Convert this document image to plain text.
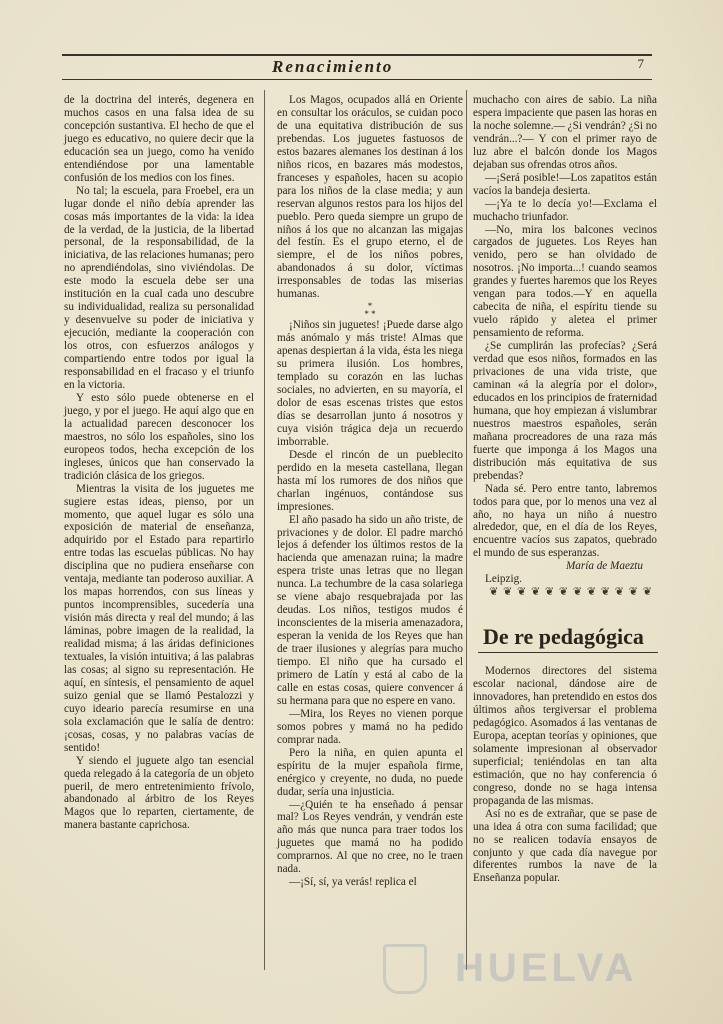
Renacimiento	7

de la doctrina del interés, degenera en muchos casos en una falsa idea de su concepción sustantiva. El hecho de que el juego es educativo, no quiere decir que la educación sea un juego, como ha venido entendiéndose por una lamentable confusión de los medios con los fines.

No tal; la escuela, para Froebel, era un lugar donde el niño debía aprender las cosas más importantes de la vida: la idea de la verdad, de la justicia, de la libertad personal, de la responsabilidad, de la iniciativa, de las relaciones humanas; pero no aprendiéndolas, sino viviéndolas. De este modo la escuela debe ser una institución en la cual cada uno descubre su individualidad, realiza su personalidad y desenvuelve su poder de iniciativa y ejecución, mediante la cooperación con los otros, con esfuerzos análogos y compartiendo entre todos por igual la responsabilidad en el fracaso y el triunfo en la victoria.

Y esto sólo puede obtenerse en el juego, y por el juego. He aquí algo que en la actualidad parecen desconocer los maestros, no sólo los españoles, sino los europeos todos, hecha excepción de los ingleses, únicos que han conservado la tradición clásica de los griegos.

Mientras la visita de los juguetes me sugiere estas ideas, pienso, por un momento, que aquel lugar es sólo una exposición de material de enseñanza, adquirido por el Estado para repartirlo entre todas las escuelas públicas. No hay disciplina que no pudiera enseñarse con ventaja, mediante tan poderoso auxiliar. A los mapas horrendos, con sus líneas y puntos incomprensibles, sucedería una visión más directa y real del mundo; á las láminas, pobre imagen de la realidad, la realidad misma; á las áridas definiciones textuales, la visión intuitiva; á las palabras las cosas; al signo su representación. He aquí, en síntesis, el pensamiento de aquel suizo genial que se llamó Pestalozzi y cuyo ideario parecía resumirse en una sola exclamación que le salía de dentro: ¡cosas, cosas, y no palabras vacías de sentido!

Y siendo el juguete algo tan esencial queda relegado á la categoría de un objeto pueril, de mero entretenimiento frívolo, abandonado al árbitro de los Reyes Magos que lo reparten, ciertamente, de manera bastante caprichosa.

Los Magos, ocupados allá en Oriente en consultar los oráculos, se cuidan poco de una equitativa distribución de sus prebendas. Los juguetes fastuosos de estos bazares alemanes los destinan á los niños ricos, en bazares más modestos, franceses y españoles, hacen su acopio para los niños de la clase media; y aun reservan algunos restos para los hijos del pueblo. Pero queda siempre un grupo de niños á los que no alcanzan las migajas del festín. Es el grupo eterno, el de siempre, el de los niños pobres, abandonados á su dolor, víctimas irresponsables de todas las miserias humanas.

*
* *

¡Niños sin juguetes! ¡Puede darse algo más anómalo y más triste! Almas que apenas despiertan á la vida, ésta les niega su primera ilusión. Los hombres, templado su corazón en las luchas sociales, no advierten, en su mayoría, el dolor de esas escenas tristes que estos días se desarrollan junto á nosotros y cuya visión trágica deja un recuerdo imborrable.

Desde el rincón de un pueblecito perdido en la meseta castellana, llegan hasta mí los rumores de dos niños que charlan ingénuos, contándose sus impresiones.

El año pasado ha sido un año triste, de privaciones y de dolor. El padre marchó lejos á defender los últimos restos de la hacienda que amenazan ruina; la madre espera triste unas letras que no llegan nunca. La techumbre de la casa solariega se viene abajo resquebrajada por las deudas. Los niños, testigos mudos é inconscientes de la miseria amenazadora, esperan la venida de los Reyes que han de traer ilusiones y alegrías para mucho tiempo. El niño que ha cursado el primero de Latín y está al cabo de la calle en estas cosas, quiere convencer á su hermana para que no espere en vano.

—Mira, los Reyes no vienen porque somos pobres y mamá no ha pedido comprar nada.

Pero la niña, en quien apunta el espíritu de la mujer española firme, enérgico y creyente, no duda, no puede dudar, sería una injusticia.

—¿Quién te ha enseñado á pensar mal? Los Reyes vendrán, y vendrán este año más que nunca para traer todos los juguetes que mamá no ha podido comprarnos. Al que no cree, no le traen nada.

—¡Sí, sí, ya verás! replica el

muchacho con aires de sabio. La niña espera impaciente que pasen las horas en la noche solemne.— ¿Si vendrán? ¿Si no vendrán...?— Y con el primer rayo de luz abre el balcón donde los Magos dejaban sus ofrendas otros años.

—¡Será posible!—Los zapatitos están vacíos la bandeja desierta.

—¡Ya te lo decía yo!—Exclama el muchacho triunfador.

—No, mira los balcones vecinos cargados de juguetes. Los Reyes han venido, pero se han olvidado de nosotros. ¡No importa...! cuando seamos grandes y fuertes haremos que los Reyes vengan para todos.—Y en aquella cabecita de niña, el espíritu tiende su vuelo rápido y aletea el primer pensamiento de reforma.

¿Se cumplirán las profecías? ¿Será verdad que esos niños, formados en las privaciones de una vida triste, que caminan «á la alegría por el dolor», educados en los principios de fraternidad humana, que hoy empiezan á vislumbrar nuestros maestros españoles, serán mañana procreadores de una raza más fuerte que imponga á los Magos una distribución más equitativa de sus prebendas?

Nada sé. Pero entre tanto, labremos todos para que, por lo menos una vez al año, no haya un niño á nuestro alrededor, que, en el día de los Reyes, encuentre vacíos sus zapatos, quebrado el mundo de sus esperanzas.

María de Maeztu

Leipzig.

❦ ❦ ❦ ❦ ❦ ❦ ❦ ❦ ❦ ❦ ❦ ❦

De re pedagógica

Modernos directores del sistema escolar nacional, dándose aire de innovadores, han pretendido en estos dos últimos años tergiversar el problema pedagógico. Asomados á las ventanas de Europa, aceptan teorías y opiniones, que solamente impresionan al observador superficial; teniéndolas en tan alta estimación, que no hay conferencia ó congreso, donde no se haga intensa propaganda de las mismas.

Así no es de extrañar, que se pase de una idea á otra con suma facilidad; que no se realicen todavía ensayos de conjunto y que cada día navegue por diferentes rumbos la nave de la Enseñanza popular.

HUELVA
